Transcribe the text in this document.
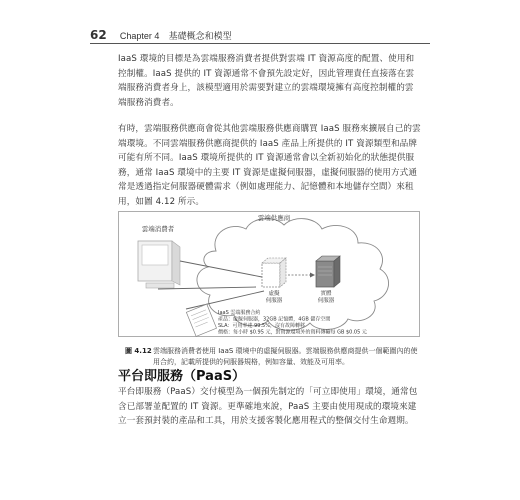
62 Chapter 4 基礎概念和模型

IaaS 環境的目標是為雲端服務消費者提供對雲端 IT 資源高度的配置、使用和控制權。IaaS 提供的 IT 資源通常不會預先設定好，因此管理責任直接落在雲端服務消費者身上，該模型適用於需要對建立的雲端環境擁有高度控制權的雲端服務消費者。

有時，雲端服務供應商會從其他雲端服務供應商購買 IaaS 服務來擴展自己的雲端環境。不同雲端服務供應商提供的 IaaS 產品上所提供的 IT 資源類型和品牌可能有所不同。IaaS 環境所提供的 IT 資源通常會以全新初始化的狀態提供服務，通常 IaaS 環境中的主要 IT 資源是虛擬伺服器，虛擬伺服器的使用方式通常是透過指定伺服器硬體需求（例如處理能力、記憶體和本地儲存空間）來租用，如圖 4.12 所示。

雲端供應商
雲端消費者
虛擬
伺服器
實體
伺服器
IaaS 雲端服務合約
產品：虛擬伺服器，32GB 記憶體，4GB 儲存空間
SLA：可用率達 99.5%，沒有故障轉移
價格：每小時 $0.95 元，對資源環境外的資料傳輸每 GB $0.05 元
圖 4.12 雲端服務消費者使用 IaaS 環境中的虛擬伺服器。雲端服務供應商提供一個範圍內的使用合約，記載所提供的伺服器規格，例如容量、效能及可用率。
平台即服務（PaaS）

平台即服務（PaaS）交付模型為一個預先制定的「可立即使用」環境，通常包含已部署並配置的 IT 資源。更準確地來說，PaaS 主要由使用現成的環境來建立一套預封裝的產品和工具，用於支援客製化應用程式的整個交付生命週期。
